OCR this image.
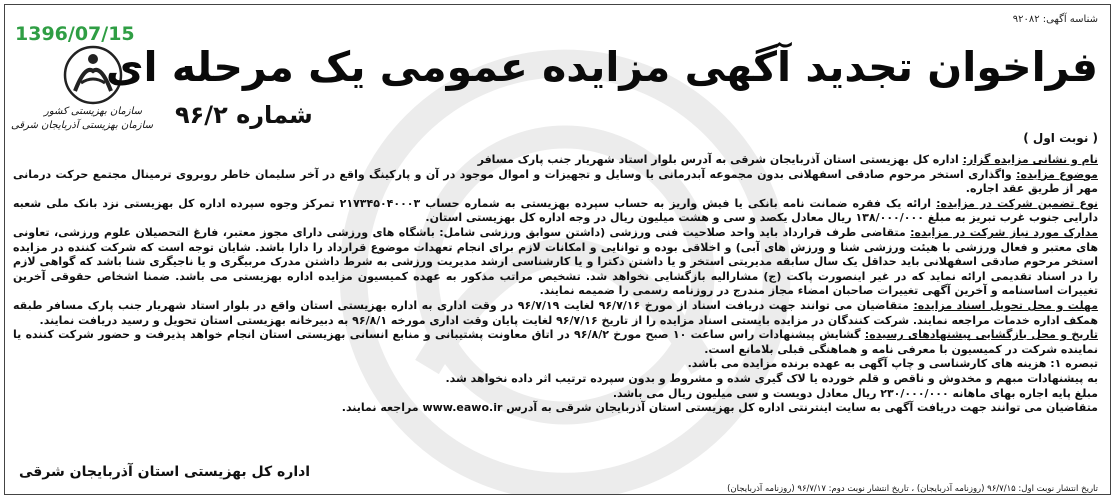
1396/07/15
شناسه آگهی: ۹۲۰۸۲
سازمان بهزیستی کشور
سازمان بهزیستی آذربایجان شرقی
فراخوان تجدید آگهی مزایده عمومی یک مرحله ای
شماره ۹۶/۲
( نوبت اول )

نام و نشانی مزایده گزار: اداره کل بهزیستی استان آذربایجان شرقی به آدرس بلوار استاد شهریار جنب پارک مسافر

موضوع مزایده: واگذاری استخر مرحوم صادقی اسفهلانی بدون مجموعه آبدرمانی با وسایل و تجهیزات و اموال موجود در آن و پارکینگ واقع در آخر سلیمان خاطر روبروی ترمینال مجتمع حرکت درمانی مهر از طریق عقد اجاره.

نوع تضمین شرکت در مزایده: ارائه یک فقره ضمانت نامه بانکی یا فیش واریز به حساب سپرده بهزیستی به شماره حساب ۲۱۷۳۴۵۰۴۰۰۰۳ تمرکز وجوه سپرده اداره کل بهزیستی نزد بانک ملی شعبه دارایی جنوب غرب تبریز به مبلغ ۱۳۸/۰۰۰/۰۰۰ ریال معادل یکصد و سی و هشت میلیون ریال در وجه اداره کل بهزیستی استان.

مدارک مورد نیاز شرکت در مزایده: متقاضی طرف قرارداد باید واحد صلاحیت فنی ورزشی (داشتن سوابق ورزشی شامل: باشگاه های ورزشی دارای مجوز معتبر، فارغ التحصیلان علوم ورزشی، تعاونی های معتبر و فعال ورزشی با هیئت ورزشی شنا و ورزش های آبی) و اخلاقی بوده و توانایی و امکانات لازم برای انجام تعهدات موضوع قرارداد را دارا باشد. شایان توجه است که شرکت کننده در مزایده استخر مرحوم صادقی اسفهلانی باید حداقل یک سال سابقه مدیریتی استخر و یا داشتن دکترا و یا کارشناسی ارشد مدیریت ورزشی به شرط داشتن مدرک مربیگری و یا ناجیگری شنا باشد که گواهی لازم را در اسناد تقدیمی ارائه نماید که در غیر اینصورت پاکت (ج) مشارالیه بازگشایی نخواهد شد. تشخیص مراتب مذکور به عهده کمیسیون مزایده اداره بهزیستی می باشد. ضمنا اشخاص حقوقی آخرین تغییرات اساسنامه و آخرین آگهی تغییرات صاحبان امضاء مجاز مندرج در روزنامه رسمی را ضمیمه نمایند.

مهلت و محل تحویل اسناد مزایده: متقاضیان می توانند جهت دریافت اسناد از مورخ ۹۶/۷/۱۶ لغایت ۹۶/۷/۱۹ در وقت اداری به اداره بهزیستی استان واقع در بلوار استاد شهریار جنب پارک مسافر طبقه همکف اداره خدمات مراجعه نمایند. شرکت کنندگان در مزایده بایستی اسناد مزایده را از تاریخ ۹۶/۷/۱۶ لغایت پایان وقت اداری مورخه ۹۶/۸/۱ به دبیرخانه بهزیستی استان تحویل و رسید دریافت نمایند.

تاریخ و محل بازگشایی پیشنهادهای رسیده: گشایش پیشنهادات راس ساعت ۱۰ صبح مورخ ۹۶/۸/۲ در اتاق معاونت پشتیبانی و منابع انسانی بهزیستی استان انجام خواهد پذیرفت و حضور شرکت کننده یا نماینده شرکت در کمیسیون با معرفی نامه و هماهنگی قبلی بلامانع است.

تبصره ۱: هزینه های کارشناسی و چاپ آگهی به عهده برنده مزایده می باشد.

به پیشنهادات مبهم و مخدوش و ناقص و قلم خورده یا لاک گیری شده و مشروط و بدون سپرده ترتیب اثر داده نخواهد شد.

مبلغ پایه اجاره بهای ماهانه ۲۳۰/۰۰۰/۰۰۰ ریال معادل دویست و سی میلیون ریال می باشد.

متقاضیان می توانند جهت دریافت آگهی به سایت اینترنتی اداره کل بهزیستی استان آذربایجان شرقی به آدرس www.eawo.ir مراجعه نمایند.

اداره کل بهزیستی استان آذربایجان شرقی
تاریخ انتشار نوبت اول: ۹۶/۷/۱۵ (روزنامه آذربایجان) ، تاریخ انتشار نوبت دوم: ۹۶/۷/۱۷ (روزنامه آذربایجان)
